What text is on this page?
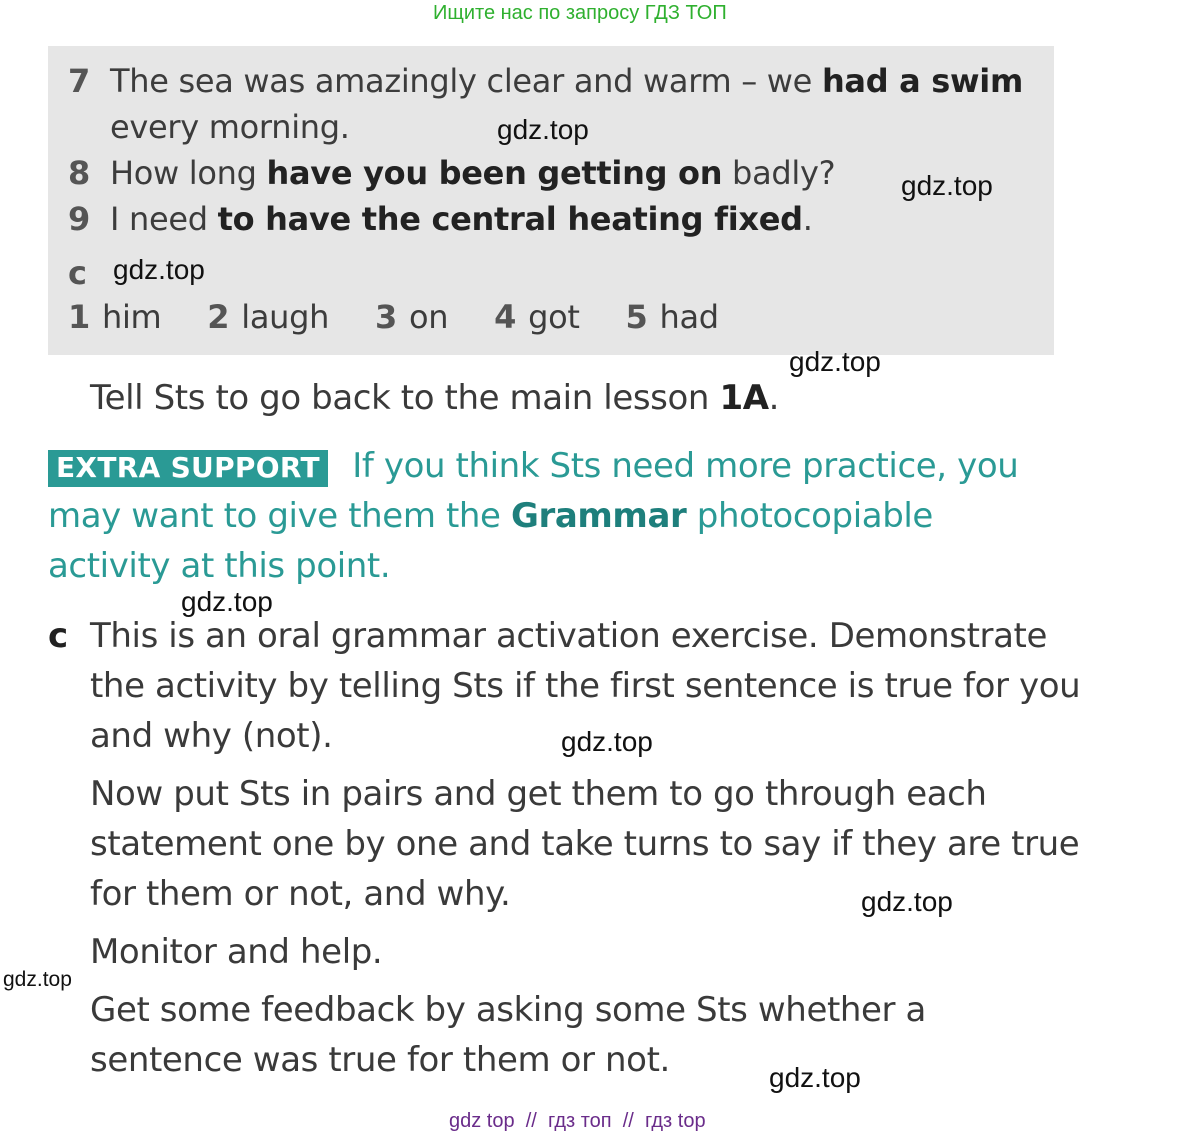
Ищите нас по запросу ГДЗ ТОП
7 The sea was amazingly clear and warm – we had a swim
every morning.
8 How long have you been getting on badly?
9 I need to have the central heating fixed.
c
1 him 2 laugh 3 on 4 got 5 had
Tell Sts to go back to the main lesson 1A.
EXTRA SUPPORT If you think Sts need more practice, you
may want to give them the Grammar photocopiable
activity at this point.
c This is an oral grammar activation exercise. Demonstrate
the activity by telling Sts if the first sentence is true for you
and why (not).
Now put Sts in pairs and get them to go through each
statement one by one and take turns to say if they are true
for them or not, and why.
Monitor and help.
Get some feedback by asking some Sts whether a
sentence was true for them or not.
gdz.top
gdz.top
gdz.top
gdz.top
gdz.top
gdz.top
gdz.top
gdz.top
gdz.top
gdz top  //  гдз топ  //  гдз top
